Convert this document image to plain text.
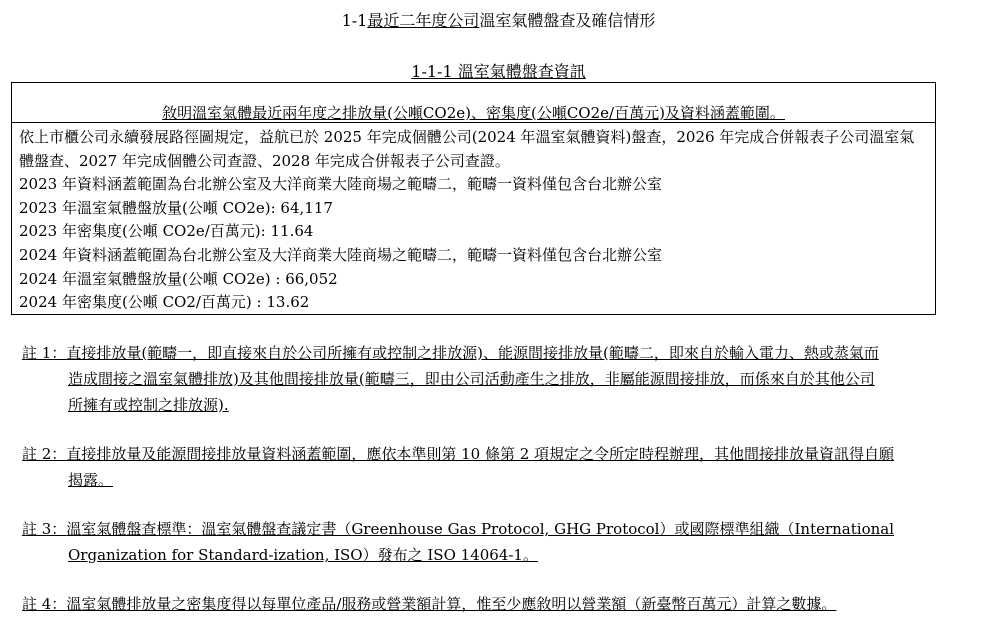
1-1最近二年度公司溫室氣體盤查及確信情形
1-1-1 溫室氣體盤查資訊
敘明溫室氣體最近兩年度之排放量(公噸CO2e)、密集度(公噸CO2e/百萬元)及資料涵蓋範圍。
依上市櫃公司永續發展路徑圖規定，益航已於 2025 年完成個體公司(2024 年溫室氣體資料)盤查，2026 年完成合併報表子公司溫室氣體盤查、2027 年完成個體公司查證、2028 年完成合併報表子公司查證。
2023 年資料涵蓋範圍為台北辦公室及大洋商業大陸商場之範疇二，範疇一資料僅包含台北辦公室
2023 年溫室氣體盤放量(公噸 CO2e): 64,117
2023 年密集度(公噸 CO2e/百萬元): 11.64
2024 年資料涵蓋範圍為台北辦公室及大洋商業大陸商場之範疇二，範疇一資料僅包含台北辦公室
2024 年溫室氣體盤放量(公噸 CO2e) : 66,052
2024 年密集度(公噸 CO2/百萬元) : 13.62
註 1：直接排放量(範疇一，即直接來自於公司所擁有或控制之排放源)、能源間接排放量(範疇二，即來自於輸入電力、熱或蒸氣而
造成間接之溫室氣體排放)及其他間接排放量(範疇三，即由公司活動產生之排放，非屬能源間接排放，而係來自於其他公司
所擁有或控制之排放源).
註 2：直接排放量及能源間接排放量資料涵蓋範圍，應依本準則第 10 條第 2 項規定之令所定時程辦理，其他間接排放量資訊得自願
揭露。
註 3：溫室氣體盤查標準：溫室氣體盤查議定書（Greenhouse Gas Protocol, GHG Protocol）或國際標準組織（International
Organization for Standard-ization, ISO）發布之 ISO 14064-1。
註 4：溫室氣體排放量之密集度得以每單位產品/服務或營業額計算，惟至少應敘明以營業額（新臺幣百萬元）計算之數據。
